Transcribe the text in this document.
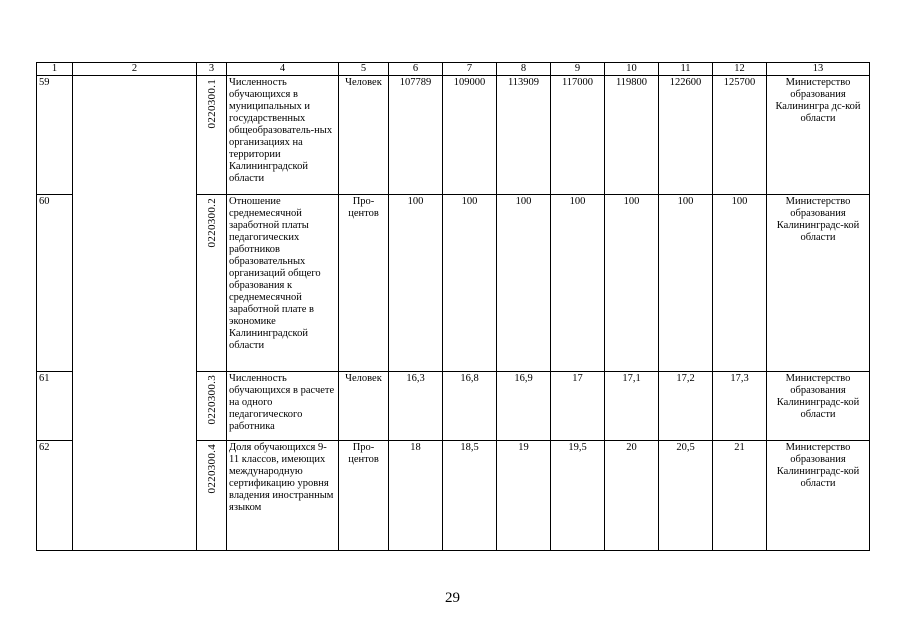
1	2	3	4	5	6	7	8	9	10	11	12	13
59		0220300.1	Численность обучающихся в муниципальных и государственных общеобразователь-ных организациях на территории Калининградской области	Человек	107789	109000	113909	117000	119800	122600	125700	Министерство образования Калинингра дс-кой области
60		0220300.2	Отношение среднемесячной заработной платы педагогических работников образовательных организаций общего образования к среднемесячной заработной плате в экономике Калининградской области	Про-центов	100	100	100	100	100	100	100	Министерство образования Калининградс-кой области
61		0220300.3	Численность обучающихся в расчете на одного педагогического работника	Человек	16,3	16,8	16,9	17	17,1	17,2	17,3	Министерство образования Калининградс-кой области
62		0220300.4	Доля обучающихся 9-11 классов, имеющих международную сертификацию уровня владения иностранным языком	Про-центов	18	18,5	19	19,5	20	20,5	21	Министерство образования Калининградс-кой области
29
